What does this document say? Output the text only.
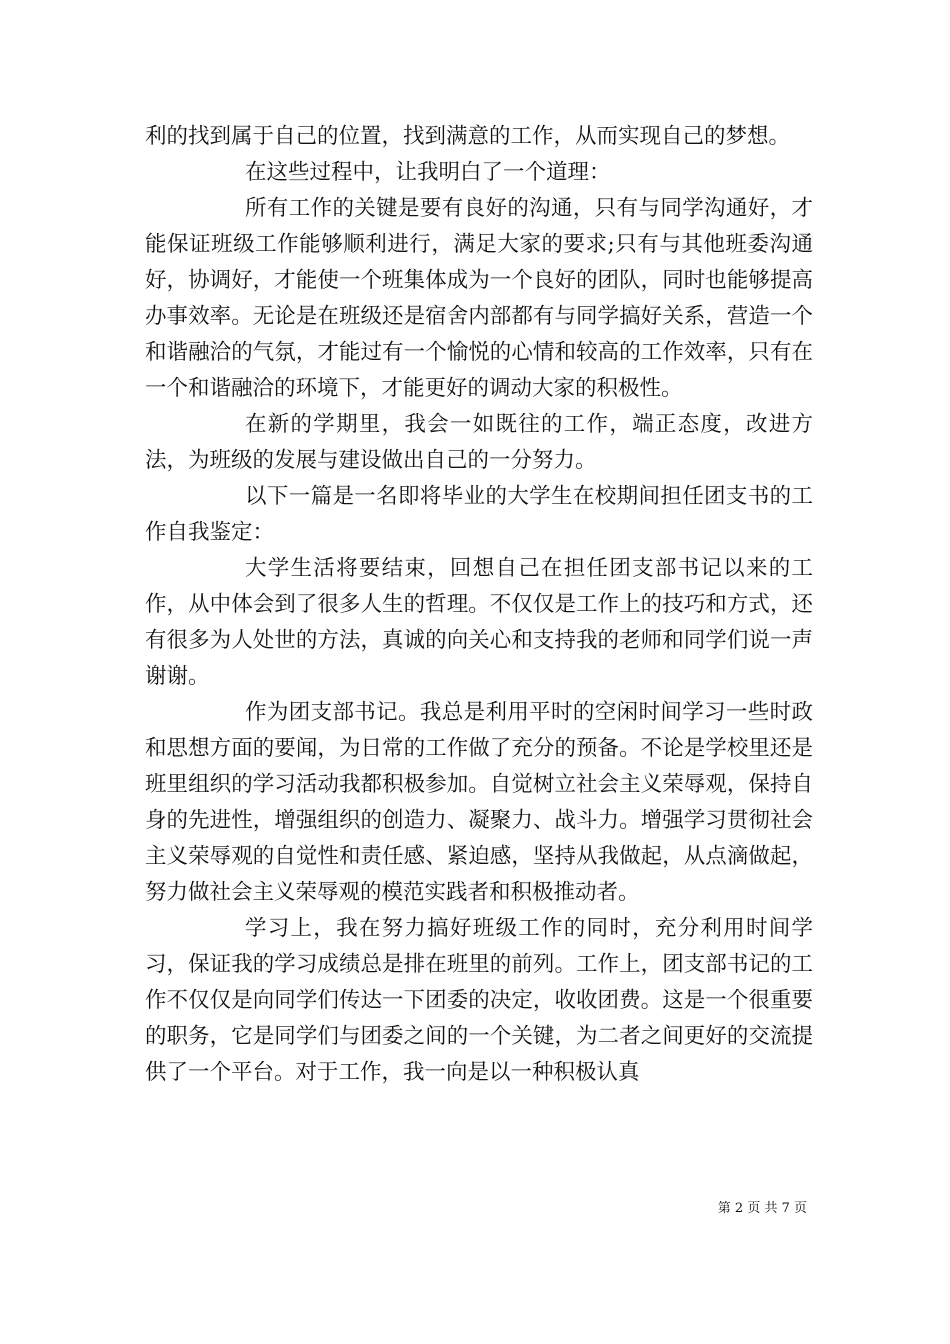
利的找到属于自己的位置，找到满意的工作，从而实现自己的梦想。

在这些过程中，让我明白了一个道理：

所有工作的关键是要有良好的沟通，只有与同学沟通好，才能保证班级工作能够顺利进行，满足大家的要求;只有与其他班委沟通好，协调好，才能使一个班集体成为一个良好的团队，同时也能够提高办事效率。无论是在班级还是宿舍内部都有与同学搞好关系，营造一个和谐融洽的气氛，才能过有一个愉悦的心情和较高的工作效率，只有在一个和谐融洽的环境下，才能更好的调动大家的积极性。

在新的学期里，我会一如既往的工作，端正态度，改进方法，为班级的发展与建设做出自己的一分努力。

以下一篇是一名即将毕业的大学生在校期间担任团支书的工作自我鉴定：

大学生活将要结束，回想自己在担任团支部书记以来的工作，从中体会到了很多人生的哲理。不仅仅是工作上的技巧和方式，还有很多为人处世的方法，真诚的向关心和支持我的老师和同学们说一声谢谢。

作为团支部书记。我总是利用平时的空闲时间学习一些时政和思想方面的要闻，为日常的工作做了充分的预备。不论是学校里还是班里组织的学习活动我都积极参加。自觉树立社会主义荣辱观，保持自身的先进性，增强组织的创造力、凝聚力、战斗力。增强学习贯彻社会主义荣辱观的自觉性和责任感、紧迫感，坚持从我做起，从点滴做起，努力做社会主义荣辱观的模范实践者和积极推动者。

学习上，我在努力搞好班级工作的同时，充分利用时间学习，保证我的学习成绩总是排在班里的前列。工作上，团支部书记的工作不仅仅是向同学们传达一下团委的决定，收收团费。这是一个很重要的职务，它是同学们与团委之间的一个关键，为二者之间更好的交流提供了一个平台。对于工作，我一向是以一种积极认真

第 2 页 共 7 页
